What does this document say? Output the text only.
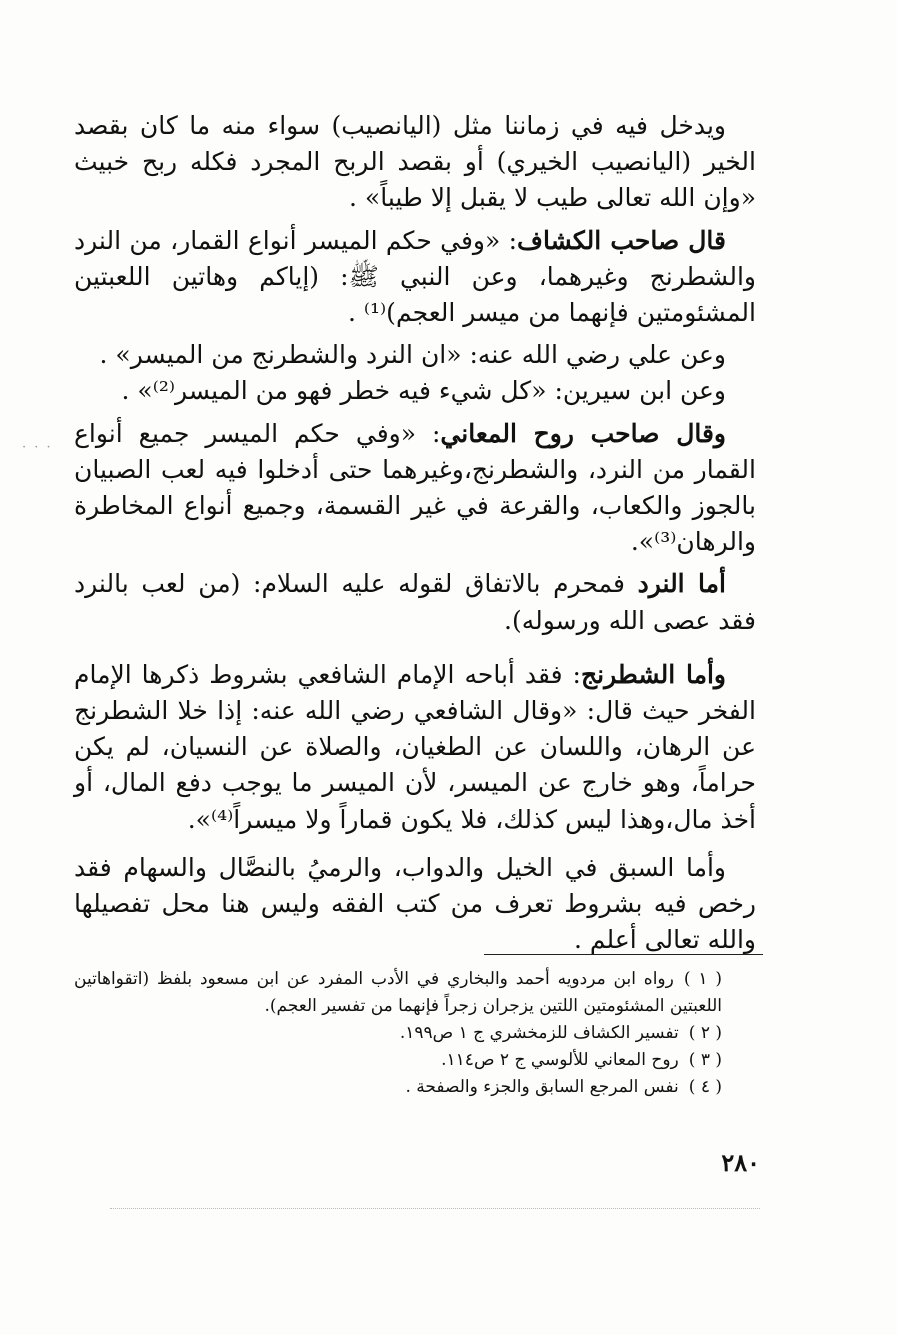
· · ·

ويدخل فيه في زماننا مثل (اليانصيب) سواء منه ما كان بقصد الخير (اليانصيب الخيري) أو بقصد الربح المجرد فكله ربح خبيث «وإن الله تعالى طيب لا يقبل إلا طيباً» .

قال صاحب الكشاف: «وفي حكم الميسر أنواع القمار، من النرد والشطرنج وغيرهما، وعن النبي ﷺ: (إياكم وهاتين اللعبتين المشئومتين فإنهما من ميسر العجم)⁽¹⁾ .

وعن علي رضي الله عنه: «ان النرد والشطرنج من الميسر» .

وعن ابن سيرين: «كل شيء فيه خطر فهو من الميسر⁽²⁾» .

وقال صاحب روح المعاني: «وفي حكم الميسر جميع أنواع القمار من النرد، والشطرنج،وغيرهما حتى أدخلوا فيه لعب الصبيان بالجوز والكعاب، والقرعة في غير القسمة، وجميع أنواع المخاطرة والرهان⁽³⁾».

أما النرد فمحرم بالاتفاق لقوله عليه السلام: (من لعب بالنرد فقد عصى الله ورسوله).

وأما الشطرنج: فقد أباحه الإمام الشافعي بشروط ذكرها الإمام الفخر حيث قال: «وقال الشافعي رضي الله عنه: إذا خلا الشطرنج عن الرهان، واللسان عن الطغيان، والصلاة عن النسيان، لم يكن حراماً، وهو خارج عن الميسر، لأن الميسر ما يوجب دفع المال، أو أخذ مال،وهذا ليس كذلك، فلا يكون قماراً ولا ميسراً⁽⁴⁾».

وأما السبق في الخيل والدواب، والرميُ بالنصَّال والسهام فقد رخص فيه بشروط تعرف من كتب الفقه وليس هنا محل تفصيلها والله تعالى أعلم .

( ١ )رواه ابن مردويه أحمد والبخاري في الأدب المفرد عن ابن مسعود بلفظ (اتقواهاتين اللعبتين المشئومتين اللتين يزجران زجراً فإنهما من تفسير العجم).

( ٢ )تفسير الكشاف للزمخشري ج ١ ص١٩٩.

( ٣ )روح المعاني للألوسي ج ٢ ص١١٤.

( ٤ )نفس المرجع السابق والجزء والصفحة .

٢٨٠
